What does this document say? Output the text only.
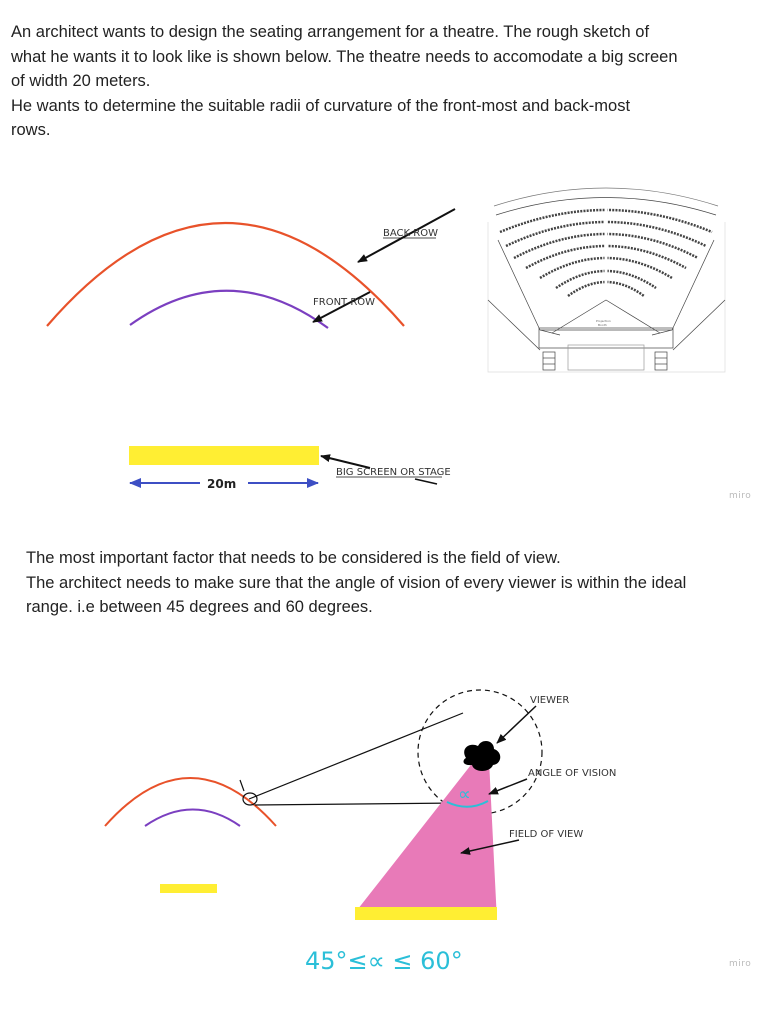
An architect wants to design the seating arrangement for a theatre. The rough sketch of
what he wants it to look like is shown below. The theatre needs to accomodate a big screen
of width 20 meters.
He wants to determine the suitable radii of curvature of the front-most and back-most
rows.
The most important factor that needs to be considered is the field of view.
The architect needs to make sure that the angle of vision of every viewer is within the ideal
range. i.e between 45 degrees and 60 degrees.
BACK ROW
FRONT ROW
BIG SCREEN OR STAGE
20m
miro
Projection
Booth
∝
VIEWER
ANGLE OF VISION
FIELD OF VIEW
45°≤∝ ≤ 60°	miro
